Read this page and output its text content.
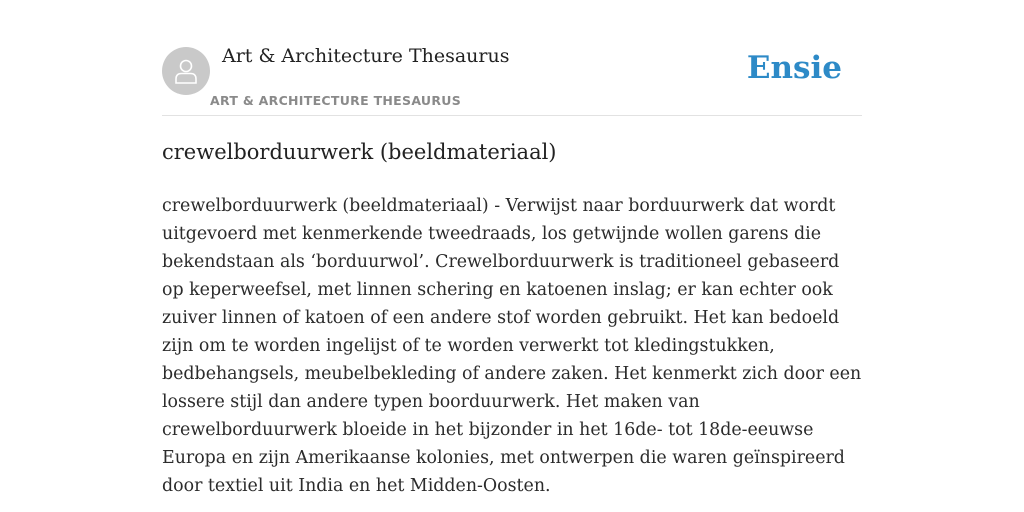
Art & Architecture Thesaurus
ART & ARCHITECTURE THESAURUS
Ensie
crewelborduurwerk (beeldmateriaal)

crewelborduurwerk (beeldmateriaal) - Verwijst naar borduurwerk dat wordt uitgevoerd met kenmerkende tweedraads, los getwijnde wollen garens die bekendstaan als ‘borduurwol’. Crewelborduurwerk is traditioneel gebaseerd op keperweefsel, met linnen schering en katoenen inslag; er kan echter ook zuiver linnen of katoen of een andere stof worden gebruikt. Het kan bedoeld zijn om te worden ingelijst of te worden verwerkt tot kledingstukken, bedbehangsels, meubelbekleding of andere zaken. Het kenmerkt zich door een lossere stijl dan andere typen boorduurwerk. Het maken van crewelborduurwerk bloeide in het bijzonder in het 16de- tot 18de-eeuwse Europa en zijn Amerikaanse kolonies, met ontwerpen die waren geïnspireerd door textiel uit India en het Midden-Oosten.
